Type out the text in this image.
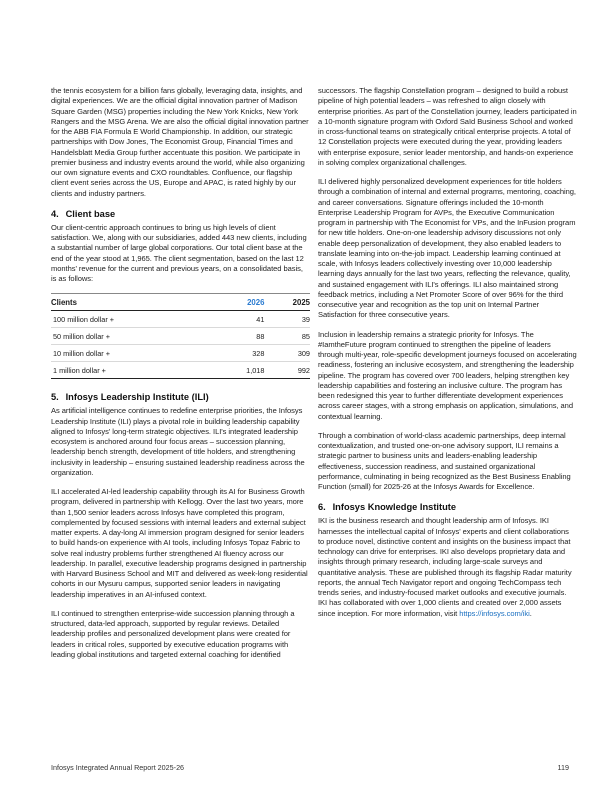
the tennis ecosystem for a billion fans globally, leveraging data, insights, and digital experiences. We are the official digital innovation partner of Madison Square Garden (MSG) properties including the New York Knicks, New York Rangers and the MSG Arena. We are also the official digital innovation partner for the ABB FIA Formula E World Championship. In addition, our strategic partnerships with Dow Jones, The Economist Group, Financial Times and Handelsblatt Media Group further accentuate this position. We participate in premier business and industry events around the world, while also organizing our own signature events and CXO roundtables. Confluence, our flagship client event series across the US, Europe and APAC, is rated highly by our clients and industry partners.

4. Client base

Our client-centric approach continues to bring us high levels of client satisfaction. We, along with our subsidiaries, added 443 new clients, including a substantial number of large global corporations. Our total client base at the end of the year stood at 1,965. The client segmentation, based on the last 12 months' revenue for the current and previous years, on a consolidated basis, is as follows:

Clients	2026	2025
100 million dollar +	41	39
50 million dollar +	88	85
10 million dollar +	328	309
1 million dollar +	1,018	992
5. Infosys Leadership Institute (ILI)

As artificial intelligence continues to redefine enterprise priorities, the Infosys Leadership Institute (ILI) plays a pivotal role in building leadership capability aligned to Infosys' long-term strategic objectives. ILI's integrated leadership ecosystem is anchored around four focus areas – succession planning, leadership bench strength, development of title holders, and strengthening inclusivity in leadership – ensuring sustained leadership readiness across the organization.

ILI accelerated AI-led leadership capability through its AI for Business Growth program, delivered in partnership with Kellogg. Over the last two years, more than 1,500 senior leaders across Infosys have completed this program, complemented by focused sessions with internal leaders and external subject matter experts. A day-long AI immersion program designed for senior leaders to build hands-on experience with AI tools, including Infosys Topaz Fabric to solve real industry problems further strengthened AI fluency across our leadership. In parallel, executive leadership programs designed in partnership with Harvard Business School and MIT and delivered as week-long residential cohorts in our Mysuru campus, supported senior leaders in navigating leadership imperatives in an AI-infused context.

ILI continued to strengthen enterprise-wide succession planning through a structured, data-led approach, supported by regular reviews. Detailed leadership profiles and personalized development plans were created for leaders in critical roles, supported by executive education programs with leading global institutions and targeted external coaching for identified

successors. The flagship Constellation program – designed to build a robust pipeline of high potential leaders – was refreshed to align closely with enterprise priorities. As part of the Constellation journey, leaders participated in a 10-month signature program with Oxford Saïd Business School and worked in cross-functional teams on strategically critical enterprise projects. A total of 12 Constellation projects were executed during the year, providing leaders with enterprise exposure, senior leader mentorship, and hands-on experience in solving complex organizational challenges.

ILI delivered highly personalized development experiences for title holders through a combination of internal and external programs, mentoring, coaching, and career conversations. Signature offerings included the 10-month Enterprise Leadership Program for AVPs, the Executive Communication program in partnership with The Economist for VPs, and the InFusion program for new title holders. One-on-one leadership advisory discussions not only enable deep personalization of development, they also enabled leaders to translate learning into on-the-job impact. Leadership learning continued at scale, with Infosys leaders collectively investing over 10,000 leadership learning days annually for the last two years, reflecting the relevance, quality, and sustained engagement with ILI's offerings. ILI also maintained strong feedback metrics, including a Net Promoter Score of over 96% for the third consecutive year and recognition as the top unit on Internal Partner Satisfaction for three consecutive years.

Inclusion in leadership remains a strategic priority for Infosys. The #IamtheFuture program continued to strengthen the pipeline of leaders through multi-year, role-specific development journeys focused on accelerating readiness, fostering an inclusive ecosystem, and strengthening the leadership pipeline. The program has covered over 700 leaders, helping strengthen key leadership capabilities and fostering an inclusive culture. The program has been redesigned this year to further differentiate development experiences across career stages, with a strong emphasis on application, simulations, and contextual learning.

Through a combination of world-class academic partnerships, deep internal contextualization, and trusted one-on-one advisory support, ILI remains a strategic partner to business units and leaders-enabling leadership effectiveness, succession readiness, and sustained organizational performance, culminating in being recognized as the Best Business Enabling Function (small) for 2025-26 at the Infosys Awards for Excellence.

6. Infosys Knowledge Institute

IKI is the business research and thought leadership arm of Infosys. IKI harnesses the intellectual capital of Infosys' experts and client collaborations to produce novel, distinctive content and insights on the business impact that technology can drive for enterprises. IKI also develops proprietary data and insights through primary research, including large-scale surveys and quantitative analysis. These are published through its flagship Radar maturity reports, the annual Tech Navigator report and ongoing TechCompass tech trends series, and industry-focused market outlooks and executive journals. IKI has collaborated with over 1,000 clients and created over 2,000 assets since inception. For more information, visit https://infosys.com/iki.

Infosys Integrated Annual Report 2025-26	119
